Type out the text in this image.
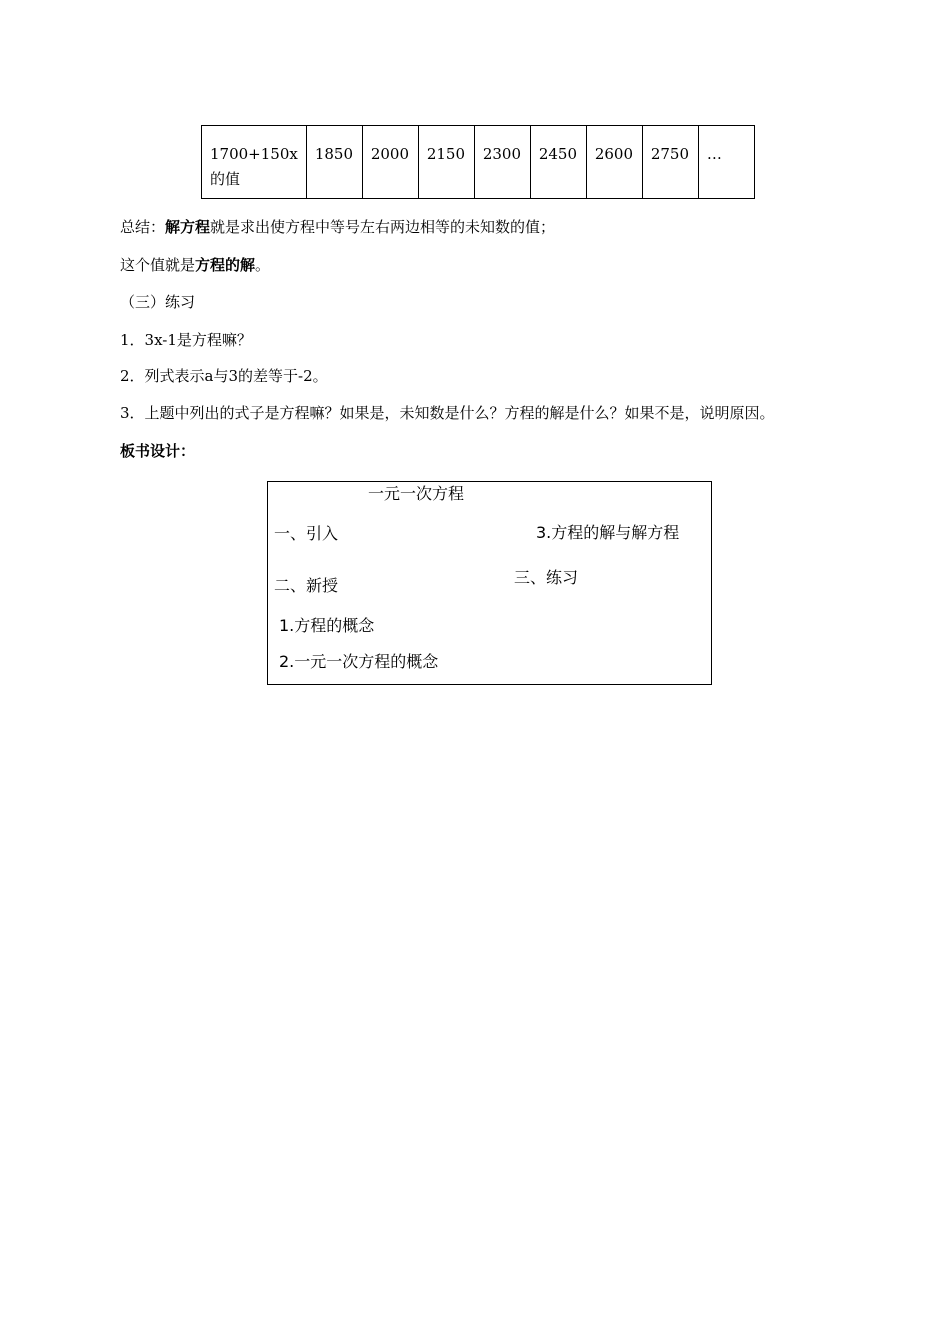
1700+150x
的值	1850	2000	2150	2300	2450	2600	2750	…
总结：解方程就是求出使方程中等号左右两边相等的未知数的值；
这个值就是方程的解。
（三）练习
1．3x-1是方程嘛？
2．列式表示a与3的差等于-2。
3．上题中列出的式子是方程嘛？如果是，未知数是什么？方程的解是什么？如果不是，说明原因。
板书设计：
一元一次方程
一、引入	3.方程的解与解方程
二、新授	三、练习
1.方程的概念
2.一元一次方程的概念
